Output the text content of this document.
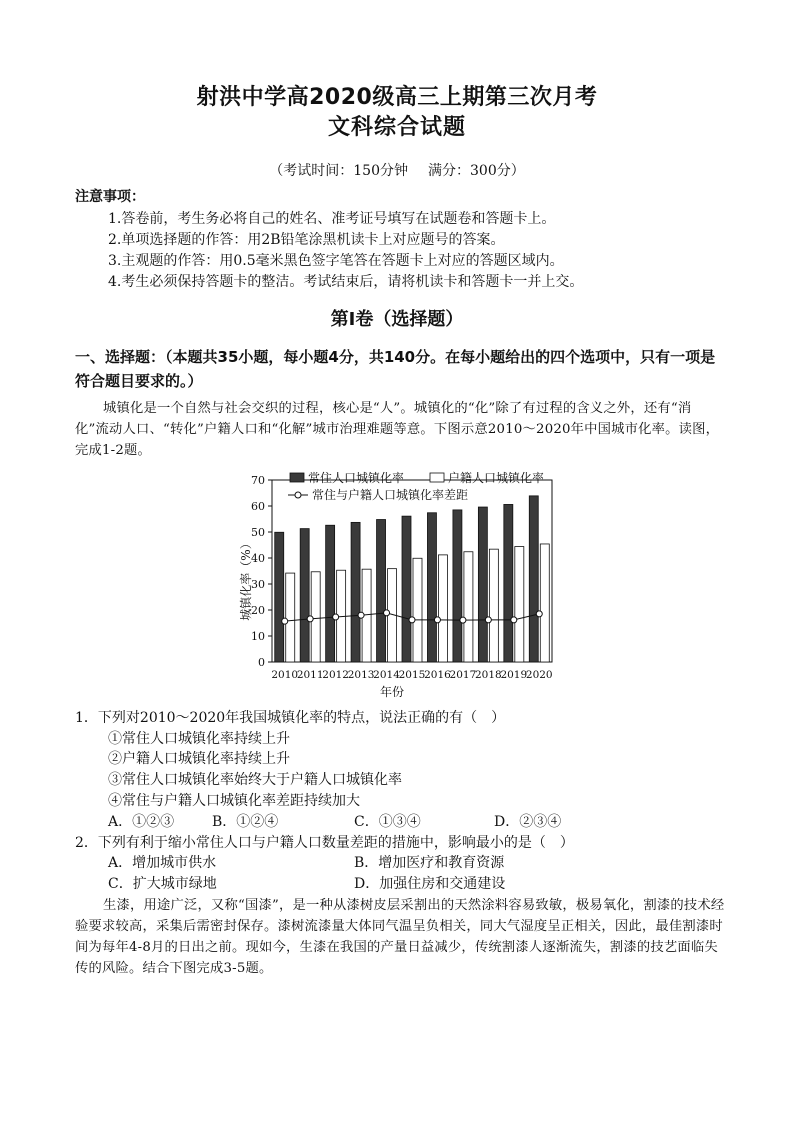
射洪中学高2020级高三上期第三次月考
文科综合试题
（考试时间：150分钟 满分：300分）
注意事项：
1.答卷前，考生务必将自己的姓名、准考证号填写在试题卷和答题卡上。
2.单项选择题的作答：用2B铅笔涂黑机读卡上对应题号的答案。
3.主观题的作答：用0.5毫米黑色签字笔答在答题卡上对应的答题区域内。
4.考生必须保持答题卡的整洁。考试结束后，请将机读卡和答题卡一并上交。
第Ⅰ卷（选择题）
一、选择题：（本题共35小题，每小题4分，共140分。在每小题给出的四个选项中，只有一项是符合题目要求的。）
城镇化是一个自然与社会交织的过程，核心是“人”。城镇化的“化”除了有过程的含义之外，还有“消化”流动人口、“转化”户籍人口和“化解”城市治理难题等意。下图示意2010～2020年中国城市化率。读图，完成1-2题。
0
10
20
30
40
50
60
70
城镇化率（%）
2010
2011
2012
2013
2014
2015
2016
2017
2018
2019
2020
年份
常住人口城镇化率	户籍人口城镇化率
常住与户籍人口城镇化率差距
1．下列对2010～2020年我国城镇化率的特点，说法正确的有（　）
①常住人口城镇化率持续上升
②户籍人口城镇化率持续上升
③常住人口城镇化率始终大于户籍人口城镇化率
④常住与户籍人口城镇化率差距持续加大
A．①②③	B．①②④	C．①③④	D．②③④
2．下列有利于缩小常住人口与户籍人口数量差距的措施中，影响最小的是（　）
A．增加城市供水	B．增加医疗和教育资源
C．扩大城市绿地	D．加强住房和交通建设
生漆，用途广泛，又称“国漆”，是一种从漆树皮层采割出的天然涂料容易致敏，极易氧化，割漆的技术经验要求较高，采集后需密封保存。漆树流漆量大体同气温呈负相关，同大气湿度呈正相关，因此，最佳割漆时间为每年4-8月的日出之前。现如今，生漆在我国的产量日益减少，传统割漆人逐渐流失，割漆的技艺面临失传的风险。结合下图完成3-5题。
